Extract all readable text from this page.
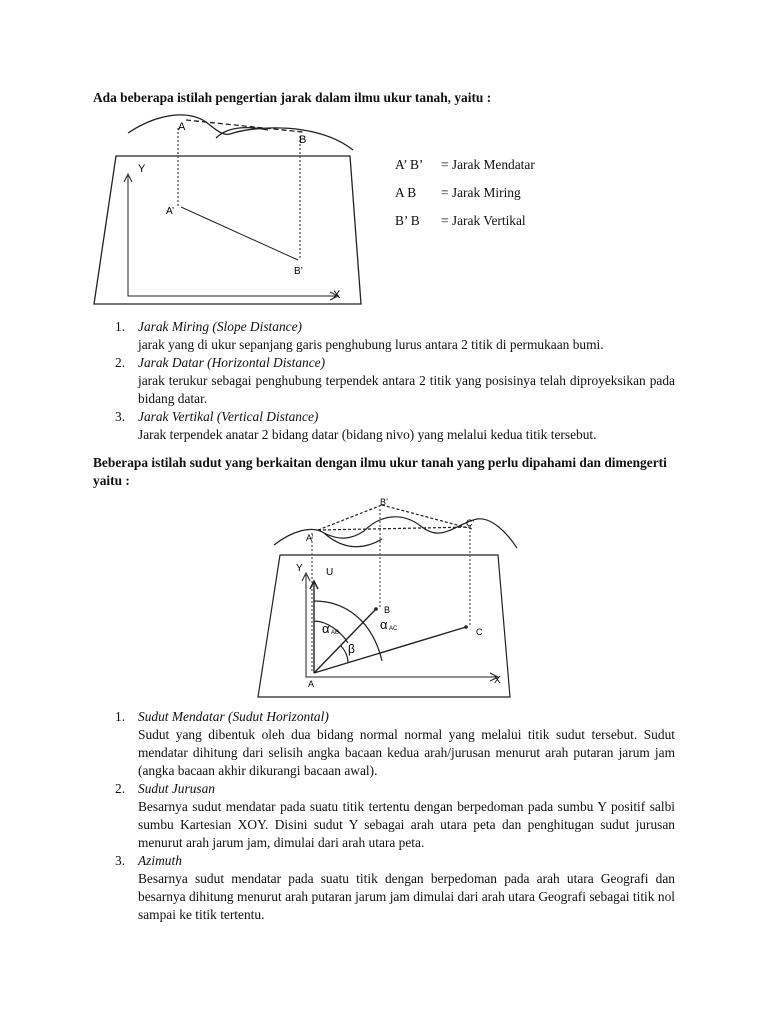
Ada beberapa istilah pengertian jarak dalam ilmu ukur tanah, yaitu :

A
B
Y
A’
B’
X
A’ B’ = Jarak Mendatar
A B = Jarak Miring
B’ B = Jarak Vertikal
1. Jarak Miring (Slope Distance)
jarak yang di ukur sepanjang garis penghubung lurus antara 2 titik di permukaan bumi.
2. Jarak Datar (Horizontal Distance)
jarak terukur sebagai penghubung terpendek antara 2 titik yang posisinya telah diproyeksikan pada bidang datar.
3. Jarak Vertikal (Vertical Distance)
Jarak terpendek anatar 2 bidang datar (bidang nivo) yang melalui kedua titik tersebut.

Beberapa istilah sudut yang berkaitan dengan ilmu ukur tanah yang perlu dipahami dan dimengerti yaitu :

B’
C’
A’
Y U
B
C
α AB
α AC
β
A	X
1. Sudut Mendatar (Sudut Horizontal)
Sudut yang dibentuk oleh dua bidang normal normal yang melalui titik sudut tersebut. Sudut mendatar dihitung dari selisih angka bacaan kedua arah/jurusan menurut arah putaran jarum jam (angka bacaan akhir dikurangi bacaan awal).
2. Sudut Jurusan
Besarnya sudut mendatar pada suatu titik tertentu dengan berpedoman pada sumbu Y positif salbi sumbu Kartesian XOY. Disini sudut Y sebagai arah utara peta dan penghitugan sudut jurusan menurut arah jarum jam, dimulai dari arah utara peta.
3. Azimuth
Besarnya sudut mendatar pada suatu titik dengan berpedoman pada arah utara Geografi dan besarnya dihitung menurut arah putaran jarum jam dimulai dari arah utara Geografi sebagai titik nol sampai ke titik tertentu.
